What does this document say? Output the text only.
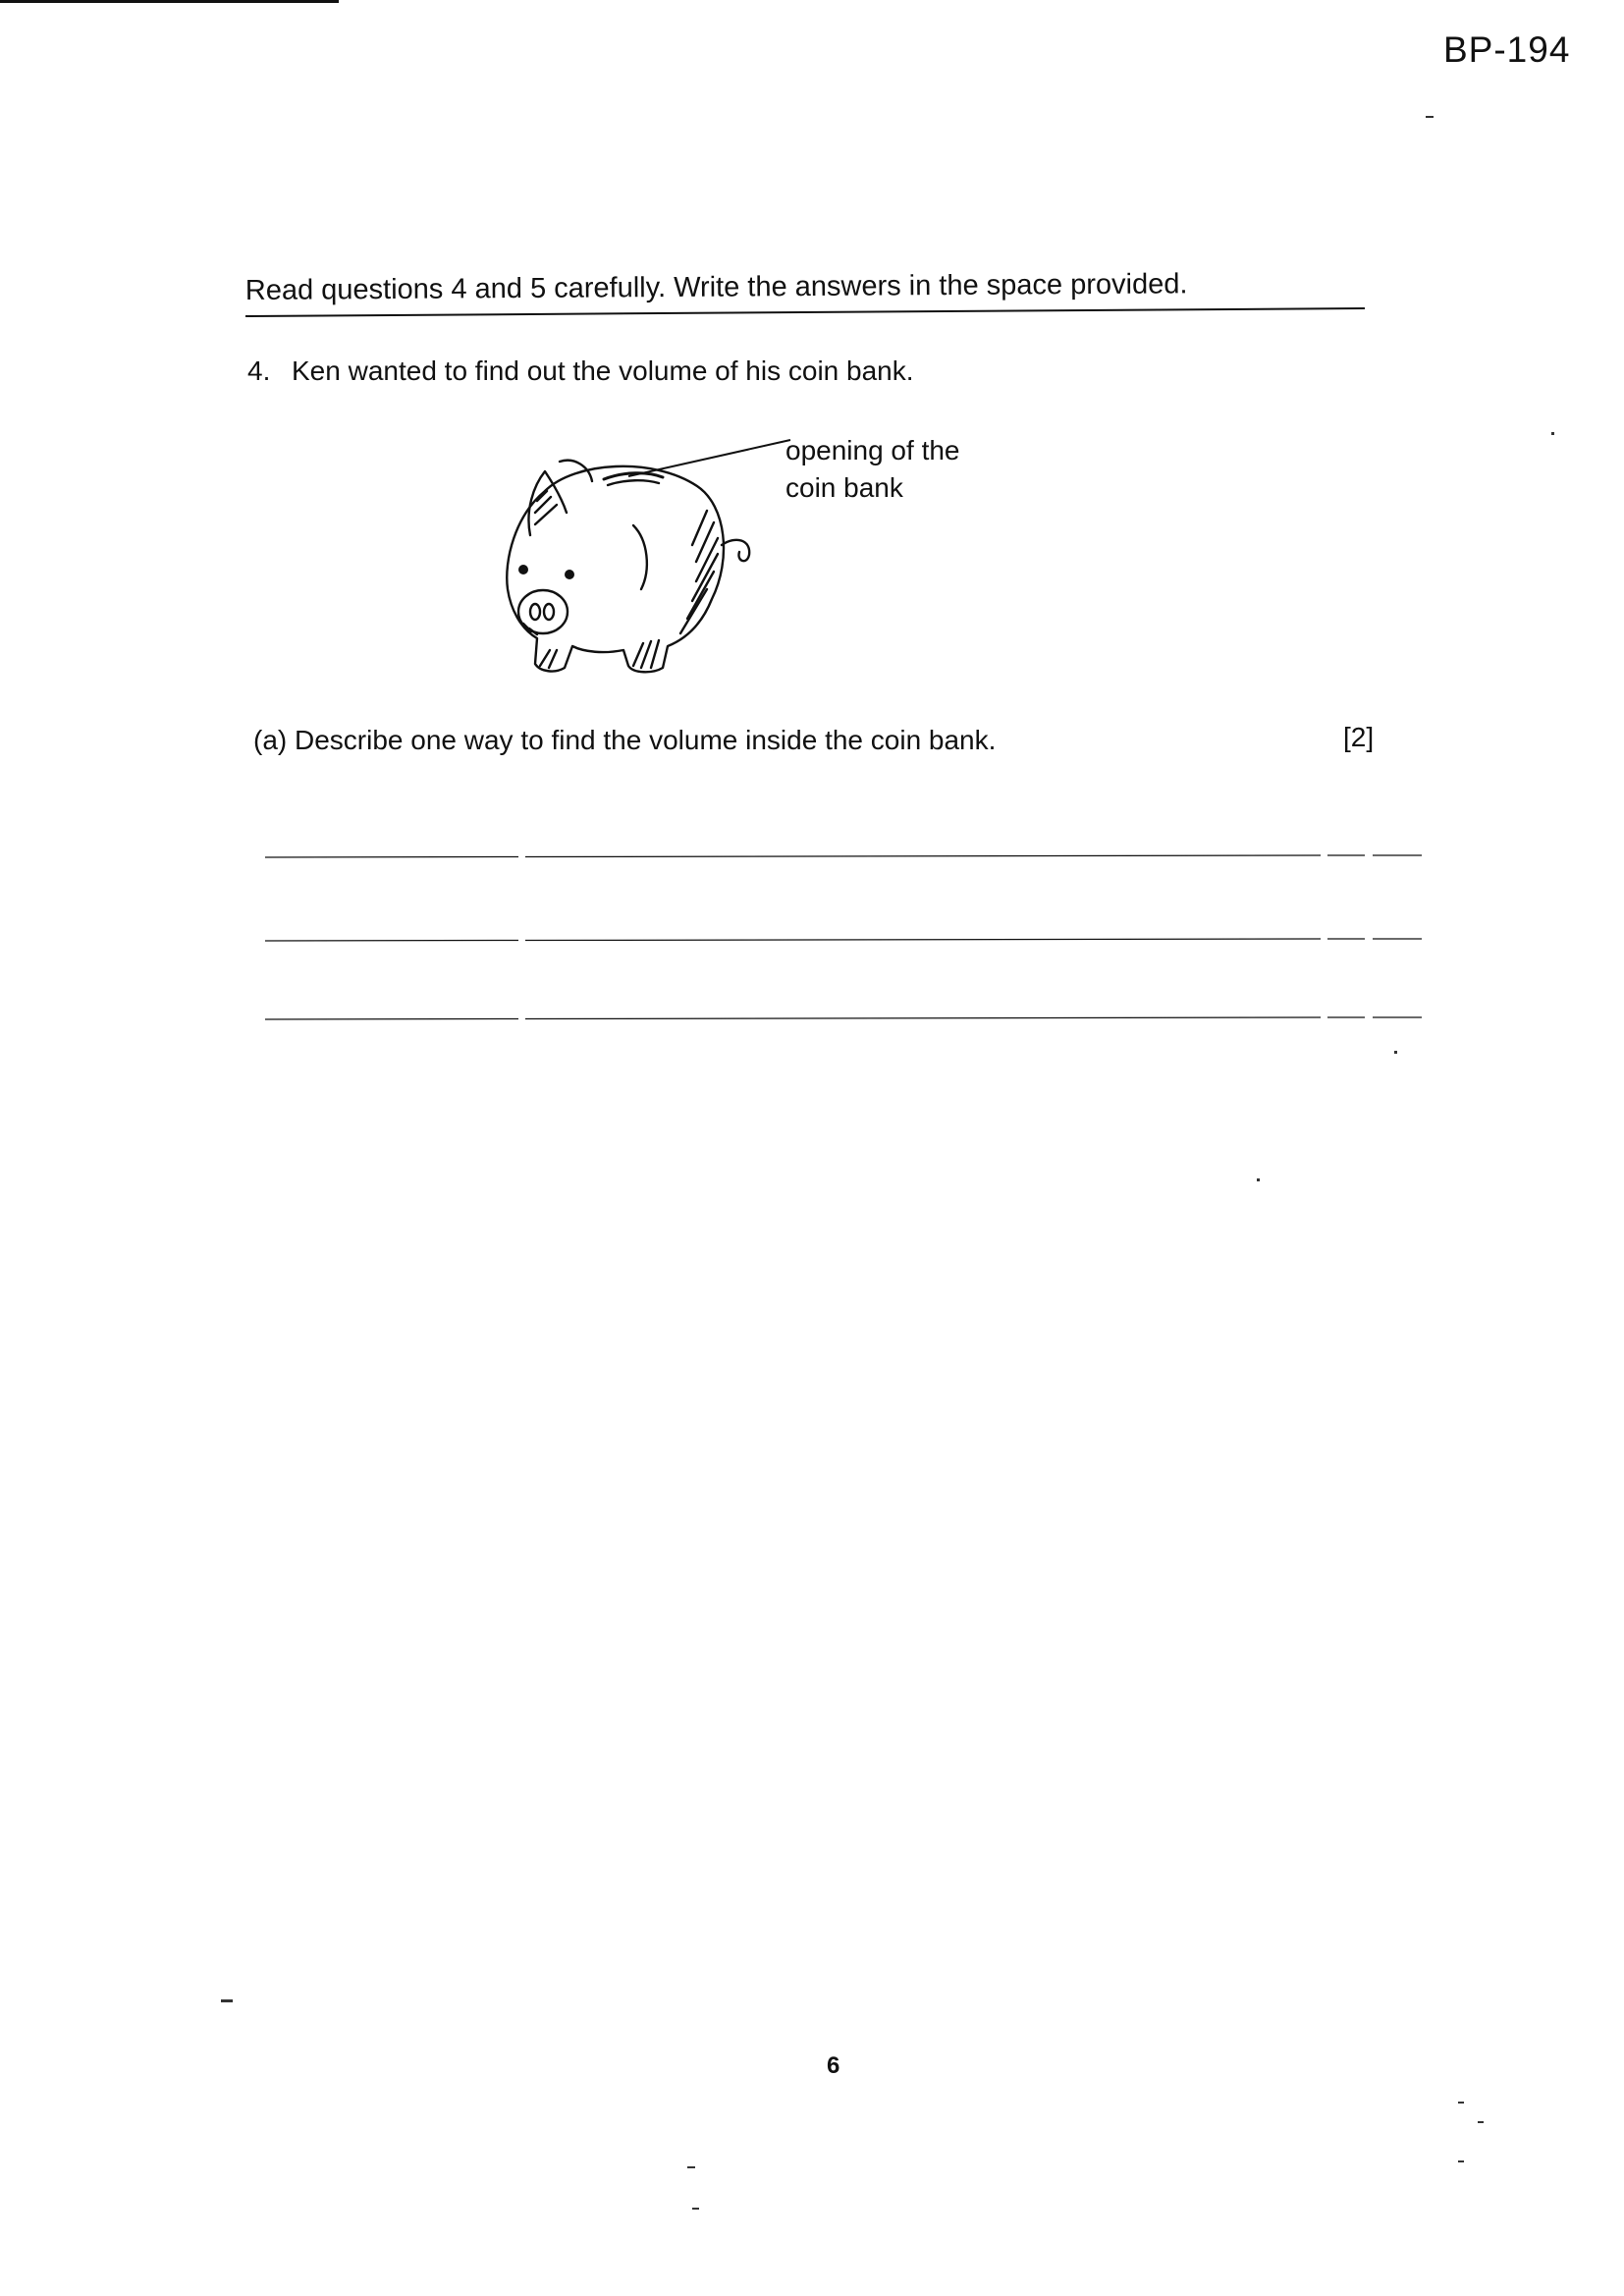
BP-194
Read questions 4 and 5 carefully. Write the answers in the space provided.
4. Ken wanted to find out the volume of his coin bank.
opening of the
coin bank
(a) Describe one way to find the volume inside the coin bank.	[2]
6
